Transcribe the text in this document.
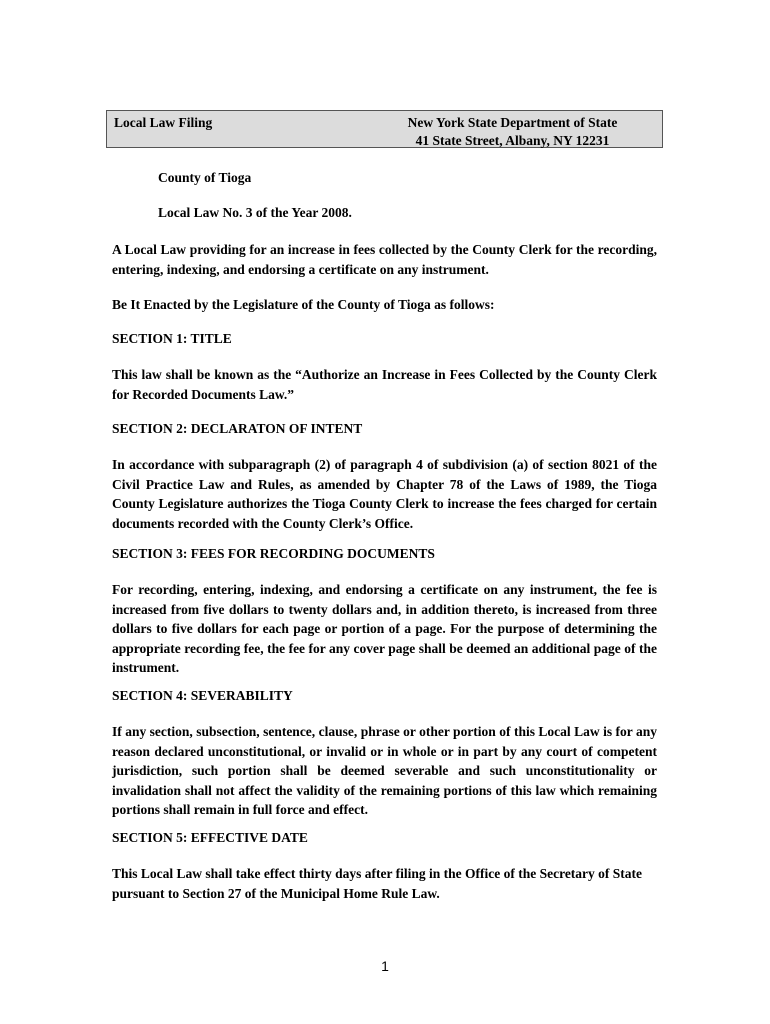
Local Law Filing	New York State Department of State
41 State Street, Albany, NY 12231
County of Tioga
Local Law No. 3 of the Year 2008.
A Local Law providing for an increase in fees collected by the County Clerk for the recording, entering, indexing, and endorsing a certificate on any instrument.
Be It Enacted by the Legislature of the County of Tioga as follows:
SECTION 1: TITLE
This law shall be known as the “Authorize an Increase in Fees Collected by the County Clerk for Recorded Documents Law.”
SECTION 2: DECLARATON OF INTENT
In accordance with subparagraph (2) of paragraph 4 of subdivision (a) of section 8021 of the Civil Practice Law and Rules, as amended by Chapter 78 of the Laws of 1989, the Tioga County Legislature authorizes the Tioga County Clerk to increase the fees charged for certain documents recorded with the County Clerk’s Office.
SECTION 3: FEES FOR RECORDING DOCUMENTS
For recording, entering, indexing, and endorsing a certificate on any instrument, the fee is increased from five dollars to twenty dollars and, in addition thereto, is increased from three dollars to five dollars for each page or portion of a page. For the purpose of determining the appropriate recording fee, the fee for any cover page shall be deemed an additional page of the instrument.
SECTION 4: SEVERABILITY
If any section, subsection, sentence, clause, phrase or other portion of this Local Law is for any reason declared unconstitutional, or invalid or in whole or in part by any court of competent jurisdiction, such portion shall be deemed severable and such unconstitutionality or invalidation shall not affect the validity of the remaining portions of this law which remaining portions shall remain in full force and effect.
SECTION 5: EFFECTIVE DATE
This Local Law shall take effect thirty days after filing in the Office of the Secretary of State pursuant to Section 27 of the Municipal Home Rule Law.
1
